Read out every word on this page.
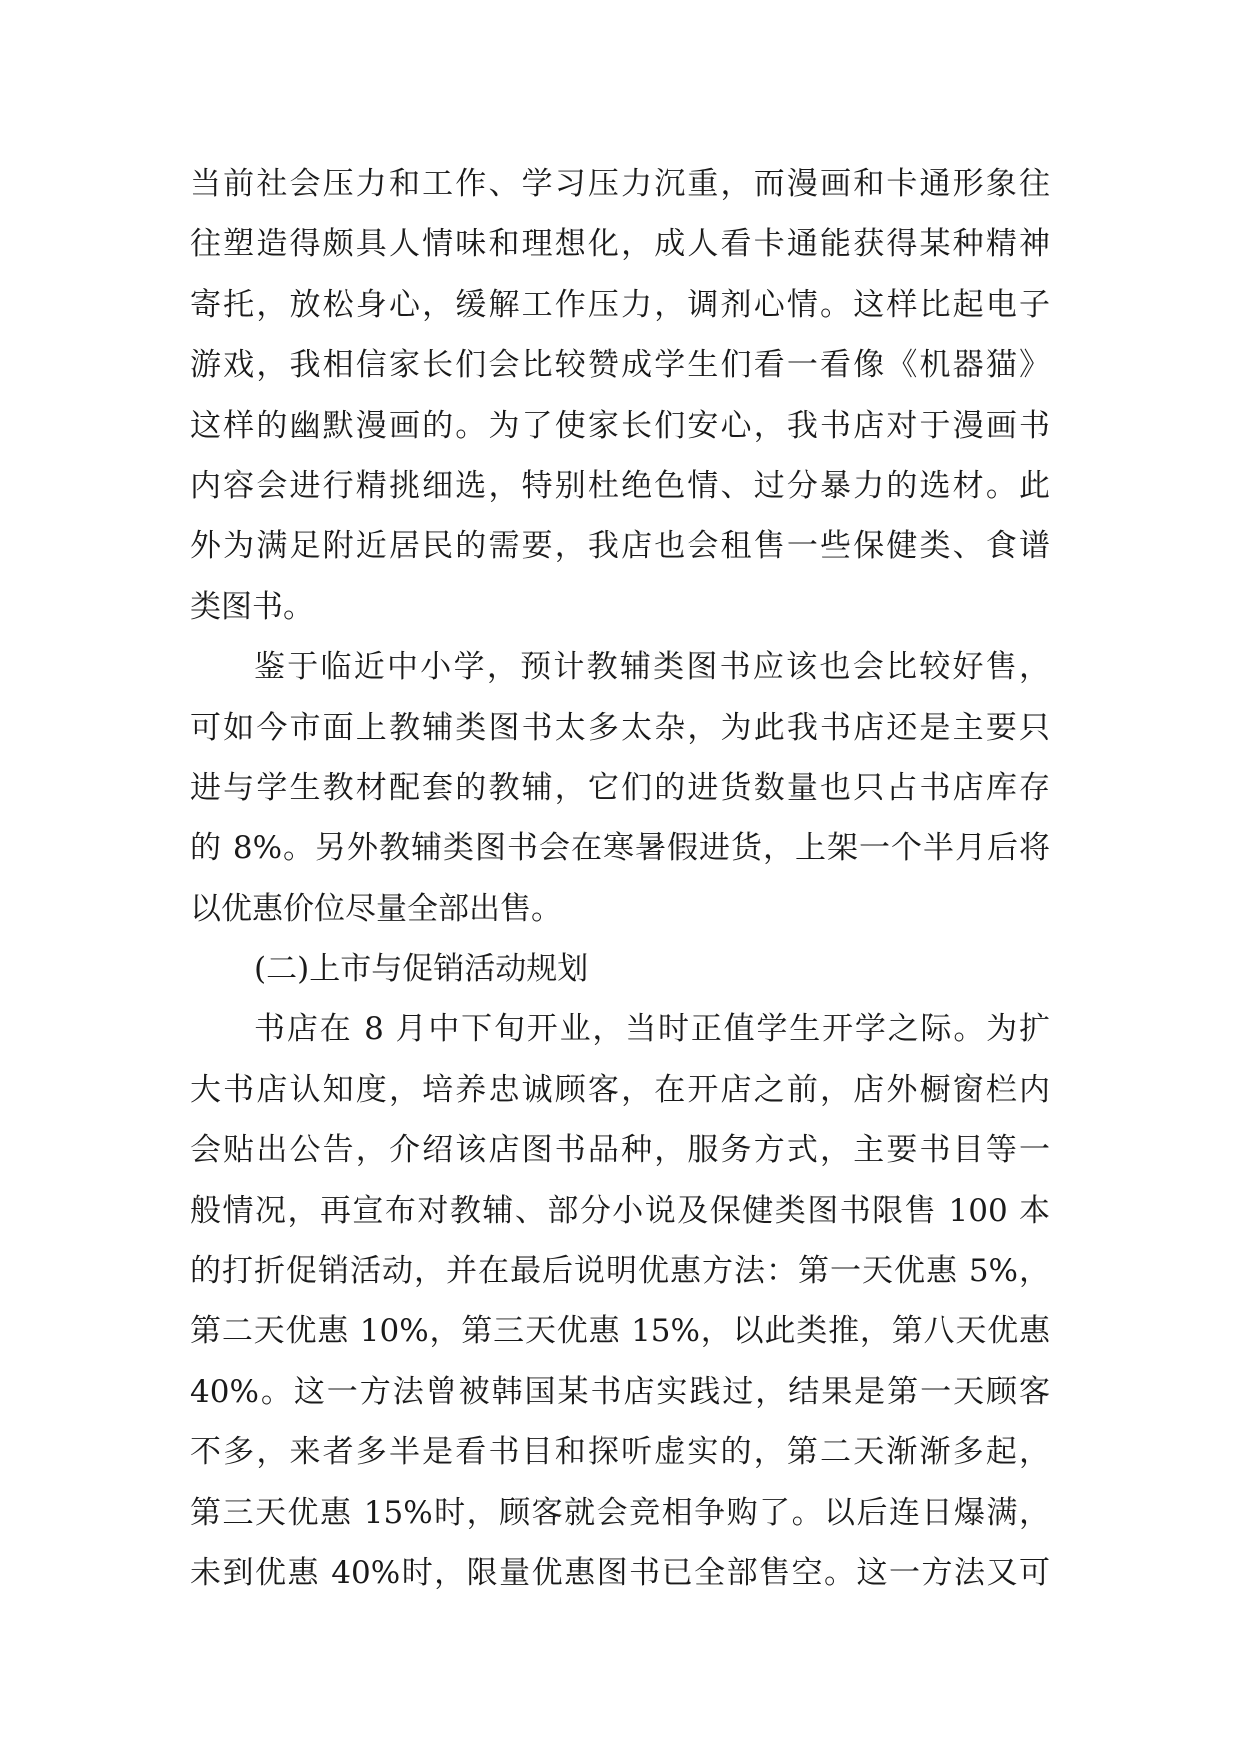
当前社会压力和工作、学习压力沉重，而漫画和卡通形象往
往塑造得颇具人情味和理想化，成人看卡通能获得某种精神
寄托，放松身心，缓解工作压力，调剂心情。这样比起电子
游戏，我相信家长们会比较赞成学生们看一看像《机器猫》
这样的幽默漫画的。为了使家长们安心，我书店对于漫画书
内容会进行精挑细选，特别杜绝色情、过分暴力的选材。此
外为满足附近居民的需要，我店也会租售一些保健类、食谱
类图书。
鉴于临近中小学，预计教辅类图书应该也会比较好售，
可如今市面上教辅类图书太多太杂，为此我书店还是主要只
进与学生教材配套的教辅，它们的进货数量也只占书店库存
的 8%。另外教辅类图书会在寒暑假进货，上架一个半月后将
以优惠价位尽量全部出售。
(二)上市与促销活动规划
书店在 8 月中下旬开业，当时正值学生开学之际。为扩
大书店认知度，培养忠诚顾客，在开店之前，店外橱窗栏内
会贴出公告，介绍该店图书品种，服务方式，主要书目等一
般情况，再宣布对教辅、部分小说及保健类图书限售 100 本
的打折促销活动，并在最后说明优惠方法：第一天优惠 5%，
第二天优惠 10%，第三天优惠 15%，以此类推，第八天优惠
40%。这一方法曾被韩国某书店实践过，结果是第一天顾客
不多，来者多半是看书目和探听虚实的，第二天渐渐多起，
第三天优惠 15%时，顾客就会竞相争购了。以后连日爆满，
未到优惠 40%时，限量优惠图书已全部售空。这一方法又可
